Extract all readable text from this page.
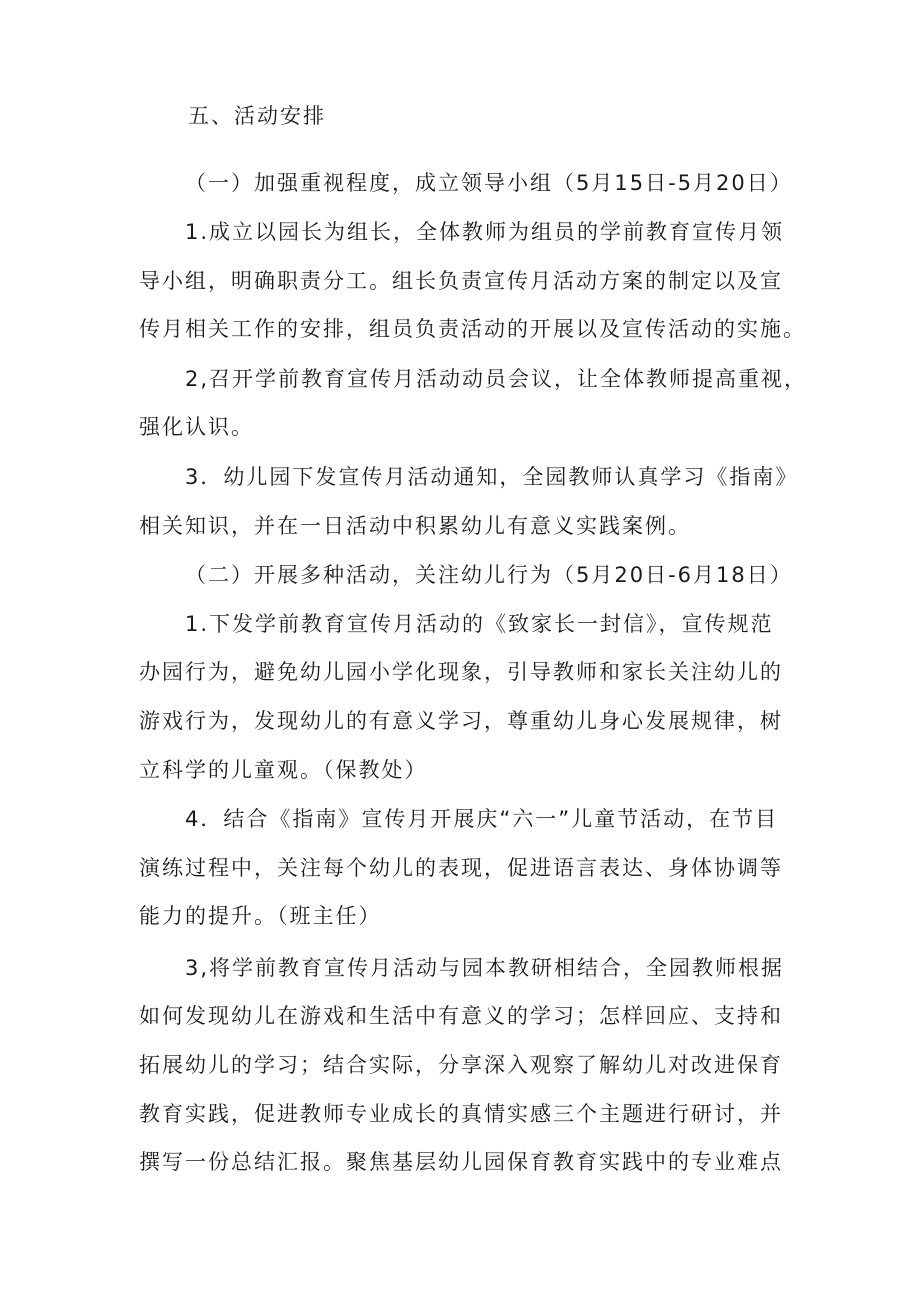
五、活动安排
（一）加强重视程度，成立领导小组（5月15日-5月20日）
1.成立以园长为组长，全体教师为组员的学前教育宣传月领
导小组，明确职责分工。组长负责宣传月活动方案的制定以及宣
传月相关工作的安排，组员负责活动的开展以及宣传活动的实施。
2,召开学前教育宣传月活动动员会议，让全体教师提高重视，
强化认识。
3．幼儿园下发宣传月活动通知，全园教师认真学习《指南》
相关知识，并在一日活动中积累幼儿有意义实践案例。
（二）开展多种活动，关注幼儿行为（5月20日-6月18日）
1.下发学前教育宣传月活动的《致家长一封信》，宣传规范
办园行为，避免幼儿园小学化现象，引导教师和家长关注幼儿的
游戏行为，发现幼儿的有意义学习，尊重幼儿身心发展规律，树
立科学的儿童观。（保教处）
4．结合《指南》宣传月开展庆“六一”儿童节活动，在节目
演练过程中，关注每个幼儿的表现，促进语言表达、身体协调等
能力的提升。（班主任）
3,将学前教育宣传月活动与园本教研相结合，全园教师根据
如何发现幼儿在游戏和生活中有意义的学习；怎样回应、支持和
拓展幼儿的学习；结合实际，分享深入观察了解幼儿对改进保育
教育实践，促进教师专业成长的真情实感三个主题进行研讨，并
撰写一份总结汇报。聚焦基层幼儿园保育教育实践中的专业难点
